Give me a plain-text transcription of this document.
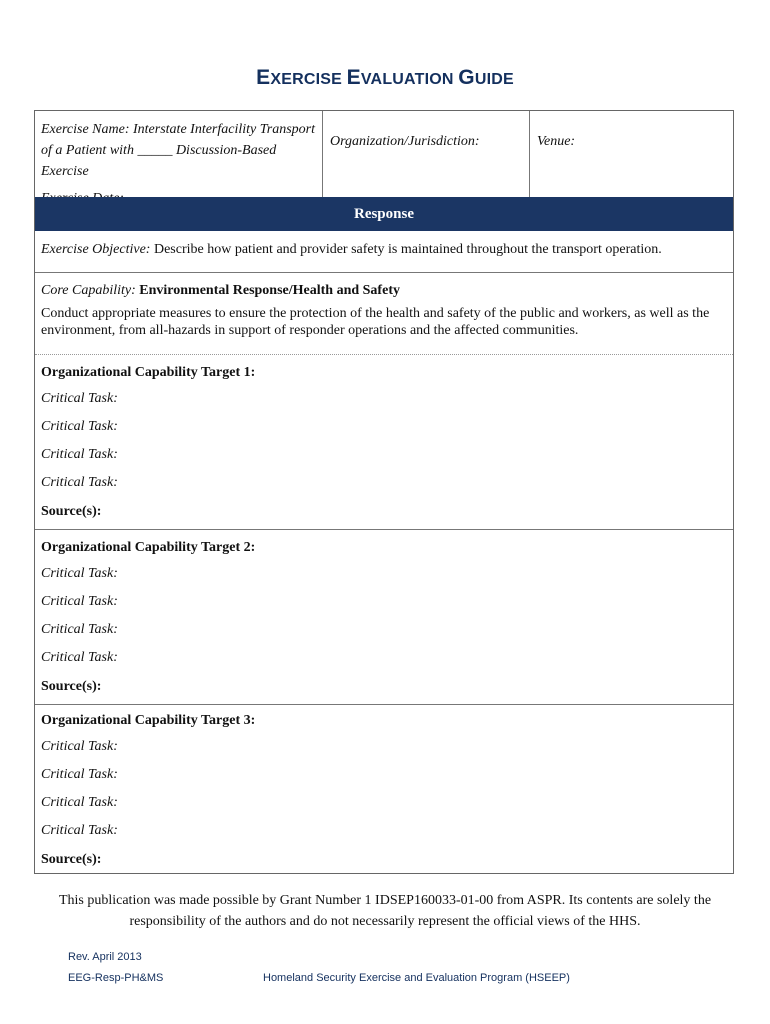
EXERCISE EVALUATION GUIDE
Exercise Name: Interstate Interfacility Transport of a Patient with _____ Discussion-Based Exercise
Organization/Jurisdiction:	Venue:
Response
Exercise Objective: Describe how patient and provider safety is maintained throughout the transport operation.
Core Capability: Environmental Response/Health and Safety
Conduct appropriate measures to ensure the protection of the health and safety of the public and workers, as well as the environment, from all-hazards in support of responder operations and the affected communities.
Organizational Capability Target 1:
Critical Task:
Critical Task:
Critical Task:
Critical Task:
Source(s):
Organizational Capability Target 2:
Critical Task:
Critical Task:
Critical Task:
Critical Task:
Source(s):
Organizational Capability Target 3:
Critical Task:
Critical Task:
Critical Task:
Critical Task:
Source(s):
This publication was made possible by Grant Number 1 IDSEP160033-01-00 from ASPR. Its contents are solely the responsibility of the authors and do not necessarily represent the official views of the HHS.
Rev. April 2013
EEG-Resp-PH&MS	Homeland Security Exercise and Evaluation Program (HSEEP)
